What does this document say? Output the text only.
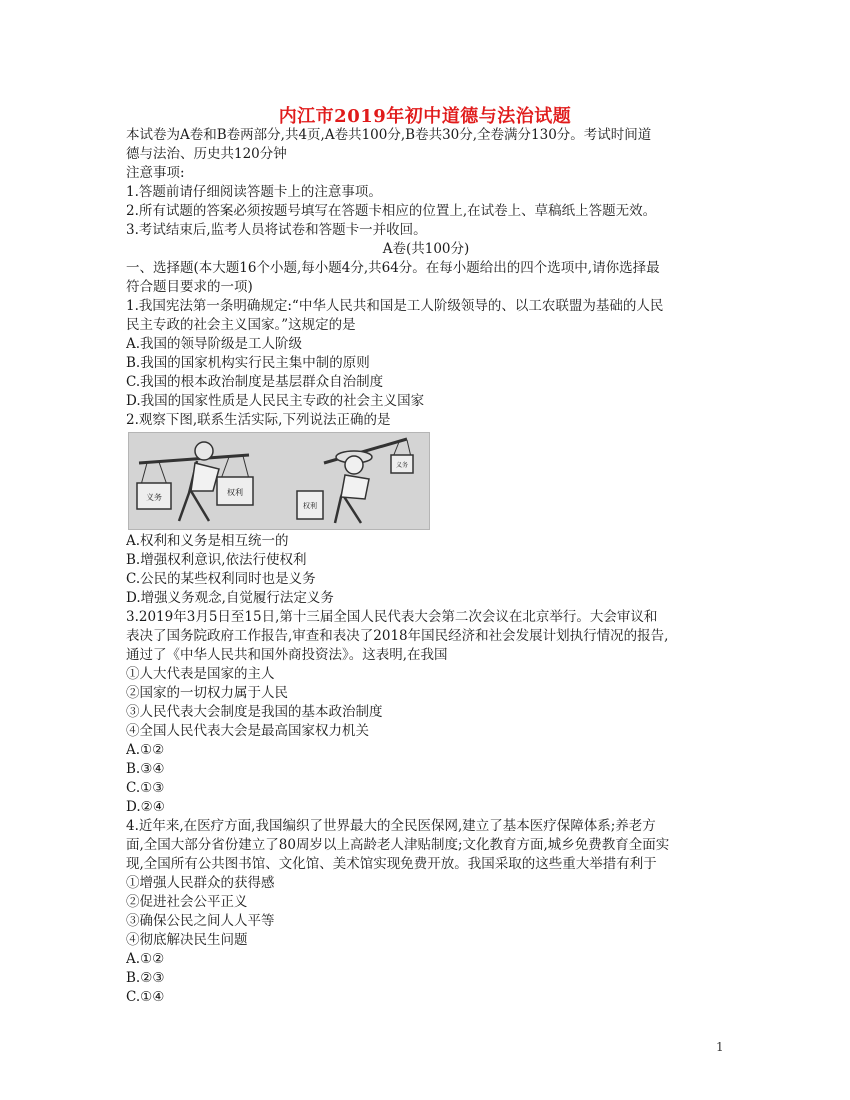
内江市2019年初中道德与法治试题
本试卷为A卷和B卷两部分,共4页,A卷共100分,B卷共30分,全卷满分130分。考试时间道
德与法治、历史共120分钟
注意事项:
1.答题前请仔细阅读答题卡上的注意事项。
2.所有试题的答案必须按题号填写在答题卡相应的位置上,在试卷上、草稿纸上答题无效。
3.考试结束后,监考人员将试卷和答题卡一并收回。
A卷(共100分)
一、选择题(本大题16个小题,每小题4分,共64分。在每小题给出的四个选项中,请你选择最
符合题目要求的一项)
1.我国宪法第一条明确规定:“中华人民共和国是工人阶级领导的、以工农联盟为基础的人民
民主专政的社会主义国家。”这规定的是
A.我国的领导阶级是工人阶级
B.我国的国家机构实行民主集中制的原则
C.我国的根本政治制度是基层群众自治制度
D.我国的国家性质是人民民主专政的社会主义国家
2.观察下图,联系生活实际,下列说法正确的是
义务
权利
权利
义务
A.权利和义务是相互统一的
B.增强权利意识,依法行使权利
C.公民的某些权利同时也是义务
D.增强义务观念,自觉履行法定义务
3.2019年3月5日至15日,第十三届全国人民代表大会第二次会议在北京举行。大会审议和
表决了国务院政府工作报告,审查和表决了2018年国民经济和社会发展计划执行情况的报告,
通过了《中华人民共和国外商投资法》。这表明,在我国
①人大代表是国家的主人
②国家的一切权力属于人民
③人民代表大会制度是我国的基本政治制度
④全国人民代表大会是最高国家权力机关
A.①②
B.③④
C.①③
D.②④
4.近年来,在医疗方面,我国编织了世界最大的全民医保网,建立了基本医疗保障体系;养老方
面,全国大部分省份建立了80周岁以上高龄老人津贴制度;文化教育方面,城乡免费教育全面实
现,全国所有公共图书馆、文化馆、美术馆实现免费开放。我国采取的这些重大举措有利于
①增强人民群众的获得感
②促进社会公平正义
③确保公民之间人人平等
④彻底解决民生问题
A.①②
B.②③
C.①④
1
